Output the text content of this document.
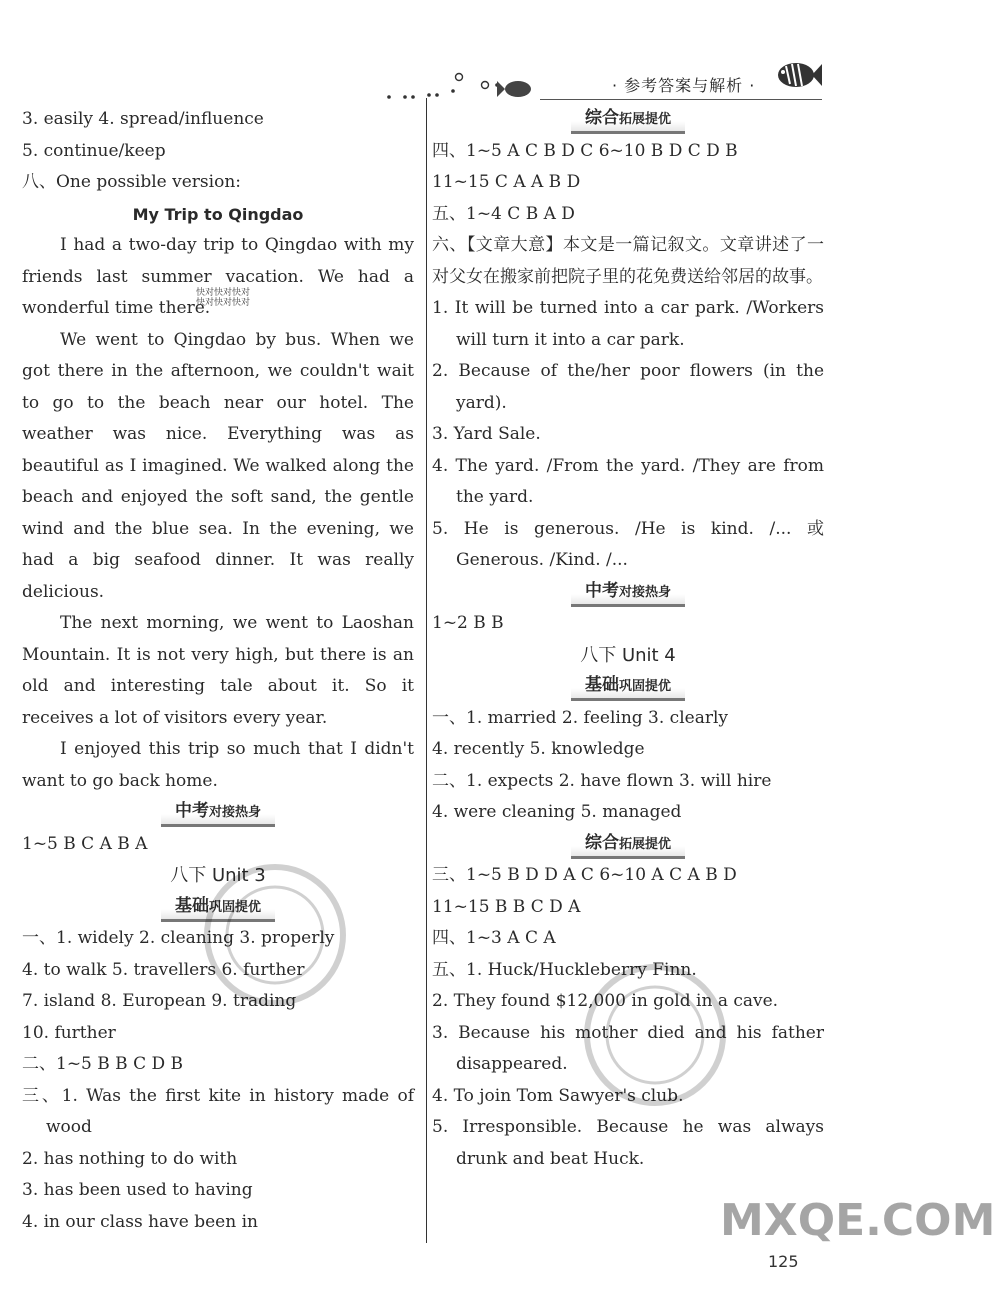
· 参考答案与解析 ·
3. easily 4. spread/influence
5. continue/keep
八、One possible version:
My Trip to Qingdao
I had a two-day trip to Qingdao with my friends last summer vacation. We had a wonderful time there.
We went to Qingdao by bus. When we got there in the afternoon, we couldn't wait to go to the beach near our hotel. The weather was nice. Everything was as beautiful as I imagined. We walked along the beach and enjoyed the soft sand, the gentle wind and the blue sea. In the evening, we had a big seafood dinner. It was really delicious.
The next morning, we went to Laoshan Mountain. It is not very high, but there is an old and interesting tale about it. So it receives a lot of visitors every year.
I enjoyed this trip so much that I didn't want to go back home.
中考对接热身
1~5 B C A B A
八下 Unit 3
基础巩固提优
一、1. widely 2. cleaning 3. properly
4. to walk 5. travellers 6. further
7. island 8. European 9. trading
10. further
二、1~5 B B C D B
三、1. Was the first kite in history made of wood
2. has nothing to do with
3. has been used to having
4. in our class have been in
快对快对快对
快对快对快对
综合拓展提优
四、1~5 A C B D C 6~10 B D C D B
11~15 C A A B D
五、1~4 C B A D
六、【文章大意】本文是一篇记叙文。文章讲述了一对父女在搬家前把院子里的花免费送给邻居的故事。
1. It will be turned into a car park. /Workers will turn it into a car park.
2. Because of the/her poor flowers (in the yard).
3. Yard Sale.
4. The yard. /From the yard. /They are from the yard.
5. He is generous. /He is kind. /... 或 Generous. /Kind. /...
中考对接热身
1~2 B B
八下 Unit 4
基础巩固提优
一、1. married 2. feeling 3. clearly
4. recently 5. knowledge
二、1. expects 2. have flown 3. will hire
4. were cleaning 5. managed
综合拓展提优
三、1~5 B D D A C 6~10 A C A B D
11~15 B B C D A
四、1~3 A C A
五、1. Huck/Huckleberry Finn.
2. They found $12,000 in gold in a cave.
3. Because his mother died and his father disappeared.
4. To join Tom Sawyer's club.
5. Irresponsible. Because he was always drunk and beat Huck.
MXQE.COM
125
